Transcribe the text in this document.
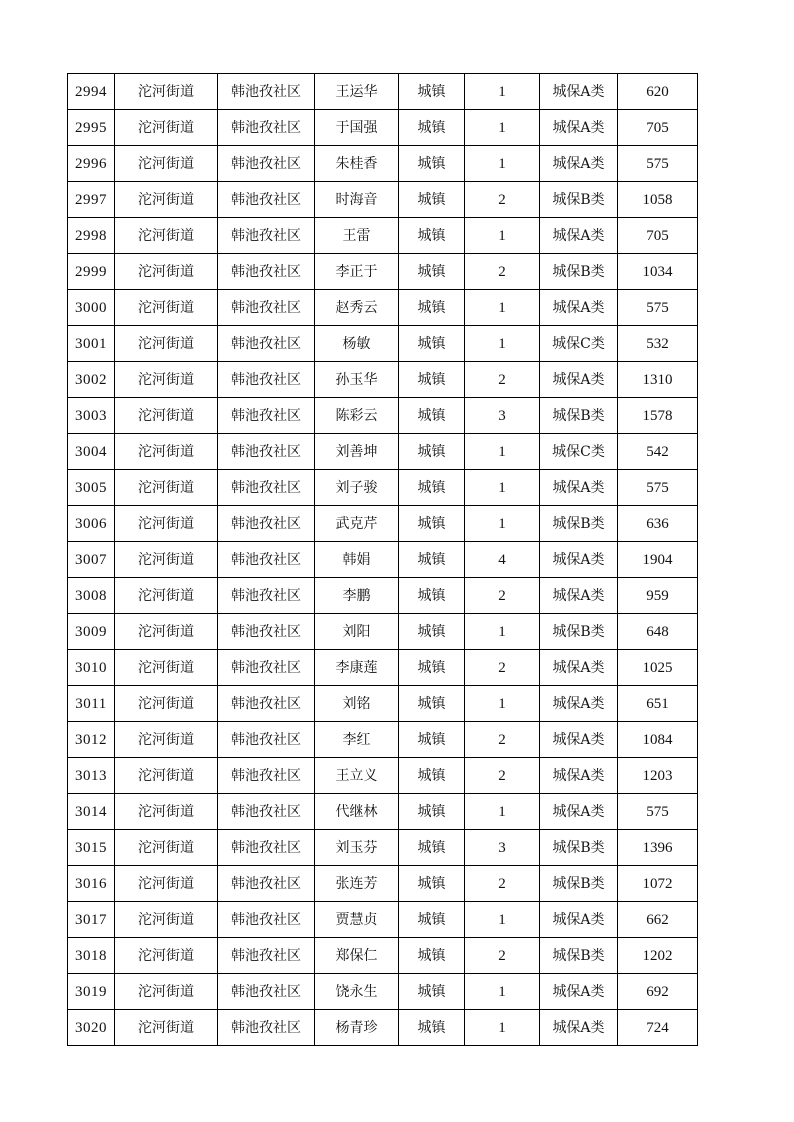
2994	沱河街道	韩池孜社区	王运华	城镇	1	城保A类	620
2995	沱河街道	韩池孜社区	于国强	城镇	1	城保A类	705
2996	沱河街道	韩池孜社区	朱桂香	城镇	1	城保A类	575
2997	沱河街道	韩池孜社区	时海音	城镇	2	城保B类	1058
2998	沱河街道	韩池孜社区	王雷	城镇	1	城保A类	705
2999	沱河街道	韩池孜社区	李正于	城镇	2	城保B类	1034
3000	沱河街道	韩池孜社区	赵秀云	城镇	1	城保A类	575
3001	沱河街道	韩池孜社区	杨敏	城镇	1	城保C类	532
3002	沱河街道	韩池孜社区	孙玉华	城镇	2	城保A类	1310
3003	沱河街道	韩池孜社区	陈彩云	城镇	3	城保B类	1578
3004	沱河街道	韩池孜社区	刘善坤	城镇	1	城保C类	542
3005	沱河街道	韩池孜社区	刘子骏	城镇	1	城保A类	575
3006	沱河街道	韩池孜社区	武克芹	城镇	1	城保B类	636
3007	沱河街道	韩池孜社区	韩娟	城镇	4	城保A类	1904
3008	沱河街道	韩池孜社区	李鹏	城镇	2	城保A类	959
3009	沱河街道	韩池孜社区	刘阳	城镇	1	城保B类	648
3010	沱河街道	韩池孜社区	李康莲	城镇	2	城保A类	1025
3011	沱河街道	韩池孜社区	刘铭	城镇	1	城保A类	651
3012	沱河街道	韩池孜社区	李红	城镇	2	城保A类	1084
3013	沱河街道	韩池孜社区	王立义	城镇	2	城保A类	1203
3014	沱河街道	韩池孜社区	代继林	城镇	1	城保A类	575
3015	沱河街道	韩池孜社区	刘玉芬	城镇	3	城保B类	1396
3016	沱河街道	韩池孜社区	张连芳	城镇	2	城保B类	1072
3017	沱河街道	韩池孜社区	贾慧贞	城镇	1	城保A类	662
3018	沱河街道	韩池孜社区	郑保仁	城镇	2	城保B类	1202
3019	沱河街道	韩池孜社区	饶永生	城镇	1	城保A类	692
3020	沱河街道	韩池孜社区	杨青珍	城镇	1	城保A类	724
